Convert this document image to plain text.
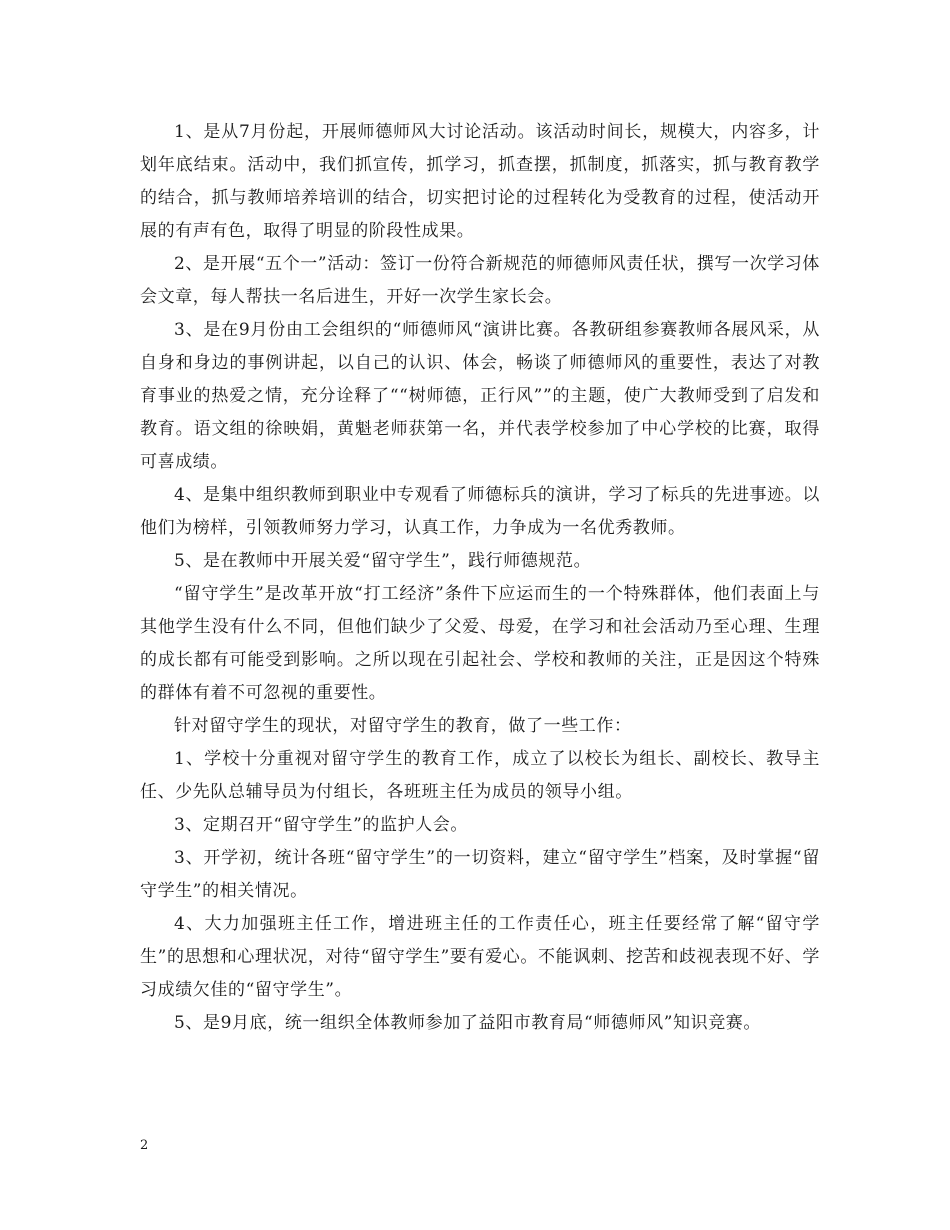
1、是从7月份起，开展师德师风大讨论活动。该活动时间长，规模大，内容多，计划年底结束。活动中，我们抓宣传，抓学习，抓查摆，抓制度，抓落实，抓与教育教学的结合，抓与教师培养培训的结合，切实把讨论的过程转化为受教育的过程，使活动开展的有声有色，取得了明显的阶段性成果。

2、是开展“五个一”活动：签订一份符合新规范的师德师风责任状，撰写一次学习体会文章，每人帮扶一名后进生，开好一次学生家长会。

3、是在9月份由工会组织的“师德师风“演讲比赛。各教研组参赛教师各展风采，从自身和身边的事例讲起，以自己的认识、体会，畅谈了师德师风的重要性，表达了对教育事业的热爱之情，充分诠释了““树师德，正行风””的主题，使广大教师受到了启发和教育。语文组的徐映娟，黄魁老师获第一名，并代表学校参加了中心学校的比赛，取得可喜成绩。

4、是集中组织教师到职业中专观看了师德标兵的演讲，学习了标兵的先进事迹。以他们为榜样，引领教师努力学习，认真工作，力争成为一名优秀教师。

5、是在教师中开展关爱“留守学生”，践行师德规范。

“留守学生”是改革开放“打工经济”条件下应运而生的一个特殊群体，他们表面上与其他学生没有什么不同，但他们缺少了父爱、母爱，在学习和社会活动乃至心理、生理的成长都有可能受到影响。之所以现在引起社会、学校和教师的关注，正是因这个特殊的群体有着不可忽视的重要性。

针对留守学生的现状，对留守学生的教育，做了一些工作：

1、学校十分重视对留守学生的教育工作，成立了以校长为组长、副校长、教导主任、少先队总辅导员为付组长，各班班主任为成员的领导小组。

3、定期召开“留守学生”的监护人会。

3、开学初，统计各班“留守学生”的一切资料，建立“留守学生”档案，及时掌握“留守学生”的相关情况。

4、大力加强班主任工作，增进班主任的工作责任心，班主任要经常了解“留守学生”的思想和心理状况，对待“留守学生”要有爱心。不能讽刺、挖苦和歧视表现不好、学习成绩欠佳的“留守学生”。

5、是9月底，统一组织全体教师参加了益阳市教育局“师德师风”知识竞赛。

2
